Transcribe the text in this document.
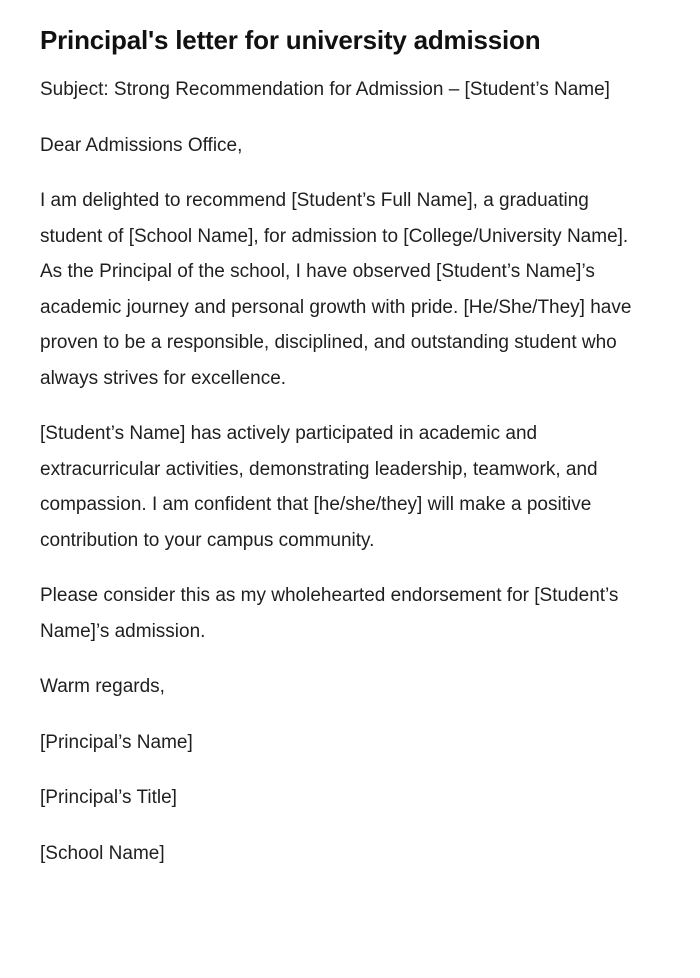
Principal's letter for university admission

Subject: Strong Recommendation for Admission – [Student’s Name]

Dear Admissions Office,

I am delighted to recommend [Student’s Full Name], a graduating student of [School Name], for admission to [College/University Name]. As the Principal of the school, I have observed [Student’s Name]’s academic journey and personal growth with pride. [He/She/They] have proven to be a responsible, disciplined, and outstanding student who always strives for excellence.

[Student’s Name] has actively participated in academic and extracurricular activities, demonstrating leadership, teamwork, and compassion. I am confident that [he/she/they] will make a positive contribution to your campus community.

Please consider this as my wholehearted endorsement for [Student’s Name]’s admission.

Warm regards,

[Principal’s Name]

[Principal’s Title]

[School Name]
